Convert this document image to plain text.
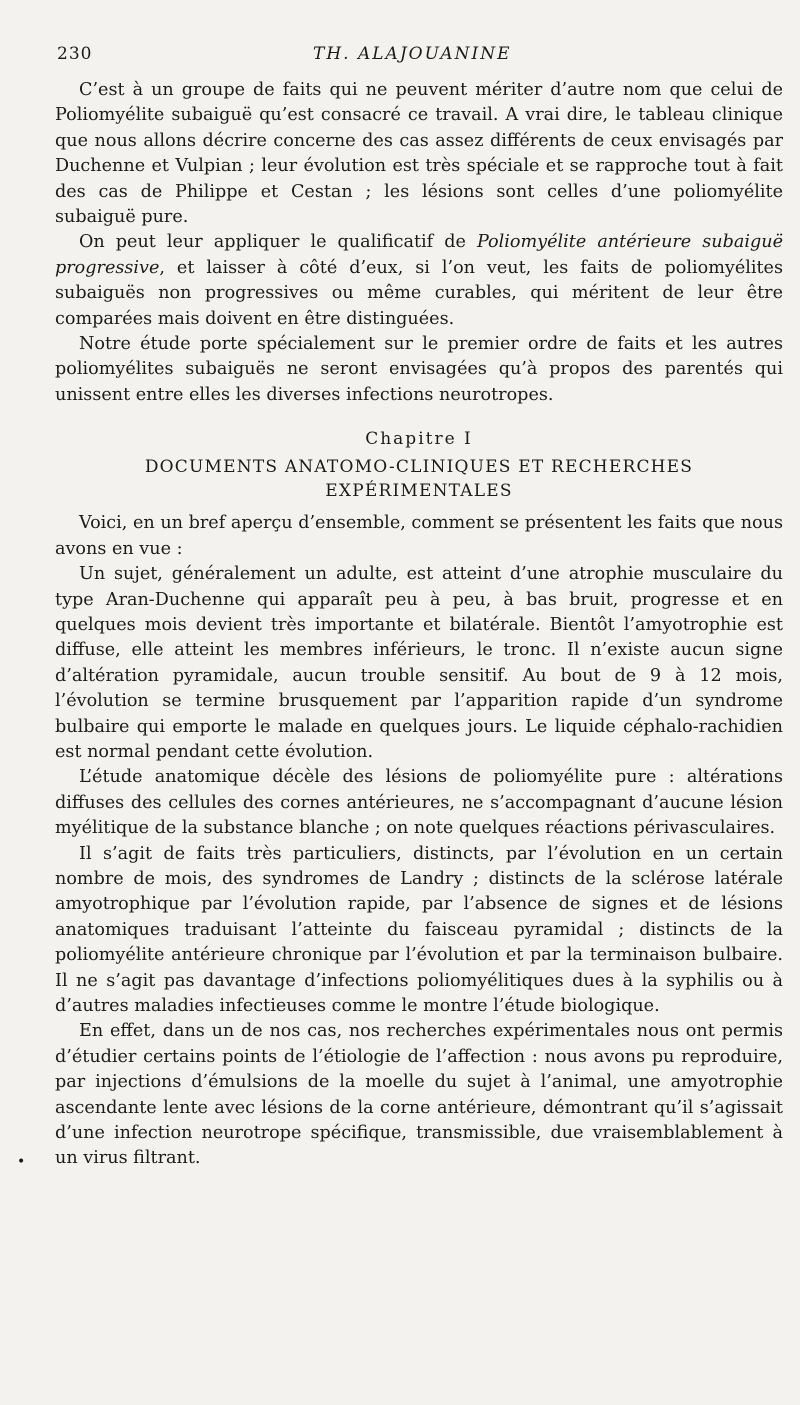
230	TH. ALAJOUANINE

C’est à un groupe de faits qui ne peuvent mériter d’autre nom que celui de Poliomyélite subaiguë qu’est consacré ce travail. A vrai dire, le tableau clinique que nous allons décrire concerne des cas assez différents de ceux envisagés par Duchenne et Vulpian ; leur évolution est très spéciale et se rapproche tout à fait des cas de Philippe et Cestan ; les lésions sont celles d’une poliomyélite subaiguë pure.

On peut leur appliquer le qualificatif de Poliomyélite antérieure subaiguë progressive, et laisser à côté d’eux, si l’on veut, les faits de poliomyélites subaiguës non progressives ou même curables, qui méritent de leur être comparées mais doivent en être distinguées.

Notre étude porte spécialement sur le premier ordre de faits et les autres poliomyélites subaiguës ne seront envisagées qu’à propos des parentés qui unissent entre elles les diverses infections neurotropes.

Chapitre I
DOCUMENTS ANATOMO-CLINIQUES ET RECHERCHES
EXPÉRIMENTALES

Voici, en un bref aperçu d’ensemble, comment se présentent les faits que nous avons en vue :

Un sujet, généralement un adulte, est atteint d’une atrophie musculaire du type Aran-Duchenne qui apparaît peu à peu, à bas bruit, progresse et en quelques mois devient très importante et bilatérale. Bientôt l’amyotrophie est diffuse, elle atteint les membres inférieurs, le tronc. Il n’existe aucun signe d’altération pyramidale, aucun trouble sensitif. Au bout de 9 à 12 mois, l’évolution se termine brusquement par l’apparition rapide d’un syndrome bulbaire qui emporte le malade en quelques jours. Le liquide céphalo-rachidien est normal pendant cette évolution.

L’étude anatomique décèle des lésions de poliomyélite pure : altérations diffuses des cellules des cornes antérieures, ne s’accompagnant d’aucune lésion myélitique de la substance blanche ; on note quelques réactions périvasculaires.

Il s’agit de faits très particuliers, distincts, par l’évolution en un certain nombre de mois, des syndromes de Landry ; distincts de la sclérose latérale amyotrophique par l’évolution rapide, par l’absence de signes et de lésions anatomiques traduisant l’atteinte du faisceau pyramidal ; distincts de la poliomyélite antérieure chronique par l’évolution et par la terminaison bulbaire. Il ne s’agit pas davantage d’infections poliomyélitiques dues à la syphilis ou à d’autres maladies infectieuses comme le montre l’étude biologique.

•

En effet, dans un de nos cas, nos recherches expérimentales nous ont permis d’étudier certains points de l’étiologie de l’affection : nous avons pu reproduire, par injections d’émulsions de la moelle du sujet à l’animal, une amyotrophie ascendante lente avec lésions de la corne antérieure, démontrant qu’il s’agissait d’une infection neurotrope spécifique, transmissible, due vraisemblablement à un virus filtrant.
